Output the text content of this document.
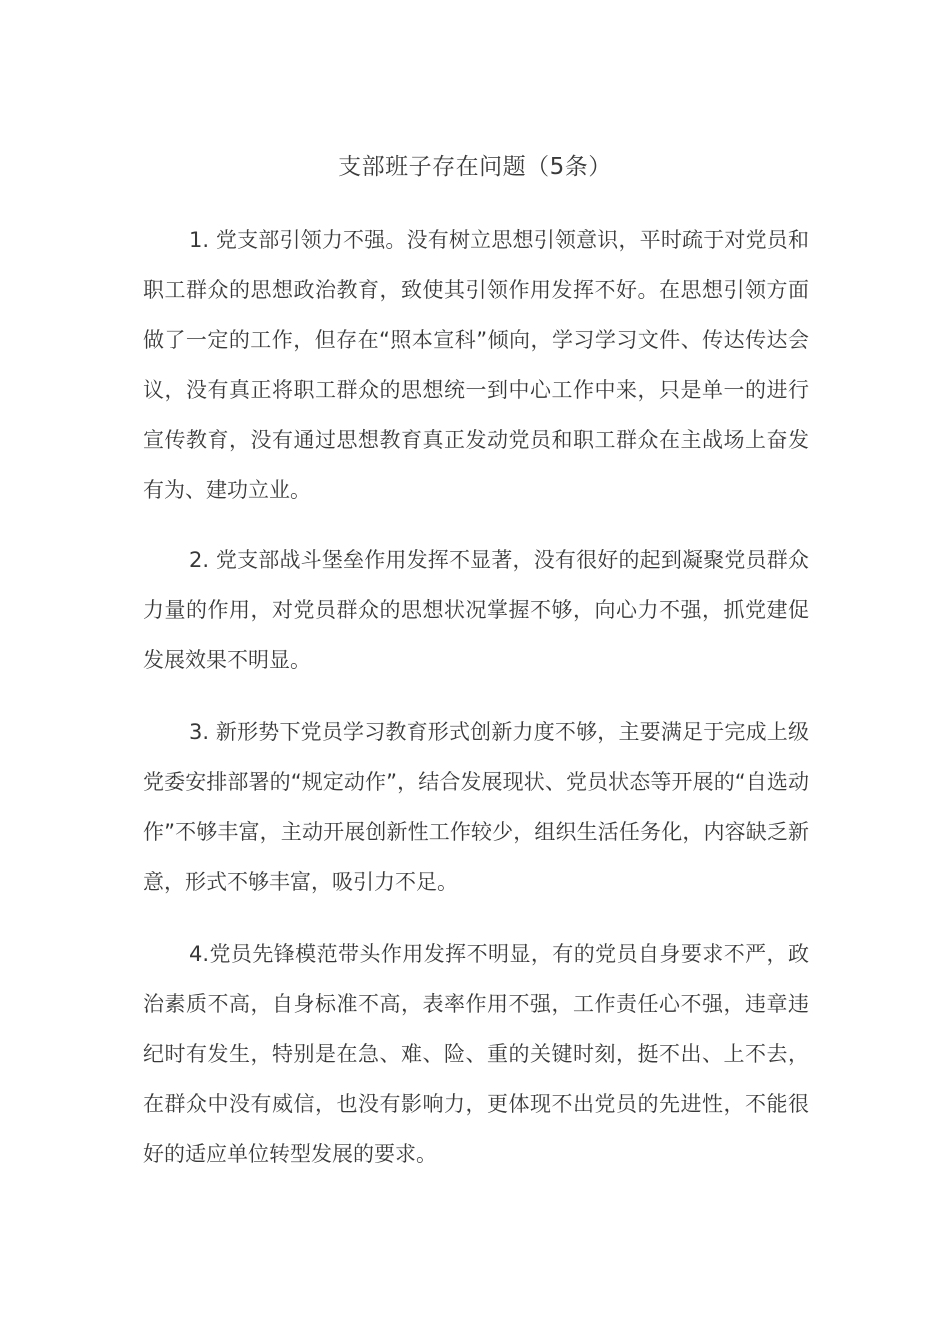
支部班子存在问题（5条）

1. 党支部引领力不强。没有树立思想引领意识，平时疏于对党员和职工群众的思想政治教育，致使其引领作用发挥不好。在思想引领方面做了一定的工作，但存在“照本宣科”倾向，学习学习文件、传达传达会议，没有真正将职工群众的思想统一到中心工作中来，只是单一的进行宣传教育，没有通过思想教育真正发动党员和职工群众在主战场上奋发有为、建功立业。

2. 党支部战斗堡垒作用发挥不显著，没有很好的起到凝聚党员群众力量的作用，对党员群众的思想状况掌握不够，向心力不强，抓党建促发展效果不明显。

3. 新形势下党员学习教育形式创新力度不够，主要满足于完成上级党委安排部署的“规定动作”，结合发展现状、党员状态等开展的“自选动作”不够丰富，主动开展创新性工作较少，组织生活任务化，内容缺乏新意，形式不够丰富，吸引力不足。

4.党员先锋模范带头作用发挥不明显，有的党员自身要求不严，政治素质不高，自身标准不高，表率作用不强，工作责任心不强，违章违纪时有发生，特别是在急、难、险、重的关键时刻，挺不出、上不去，在群众中没有威信，也没有影响力，更体现不出党员的先进性，不能很好的适应单位转型发展的要求。
